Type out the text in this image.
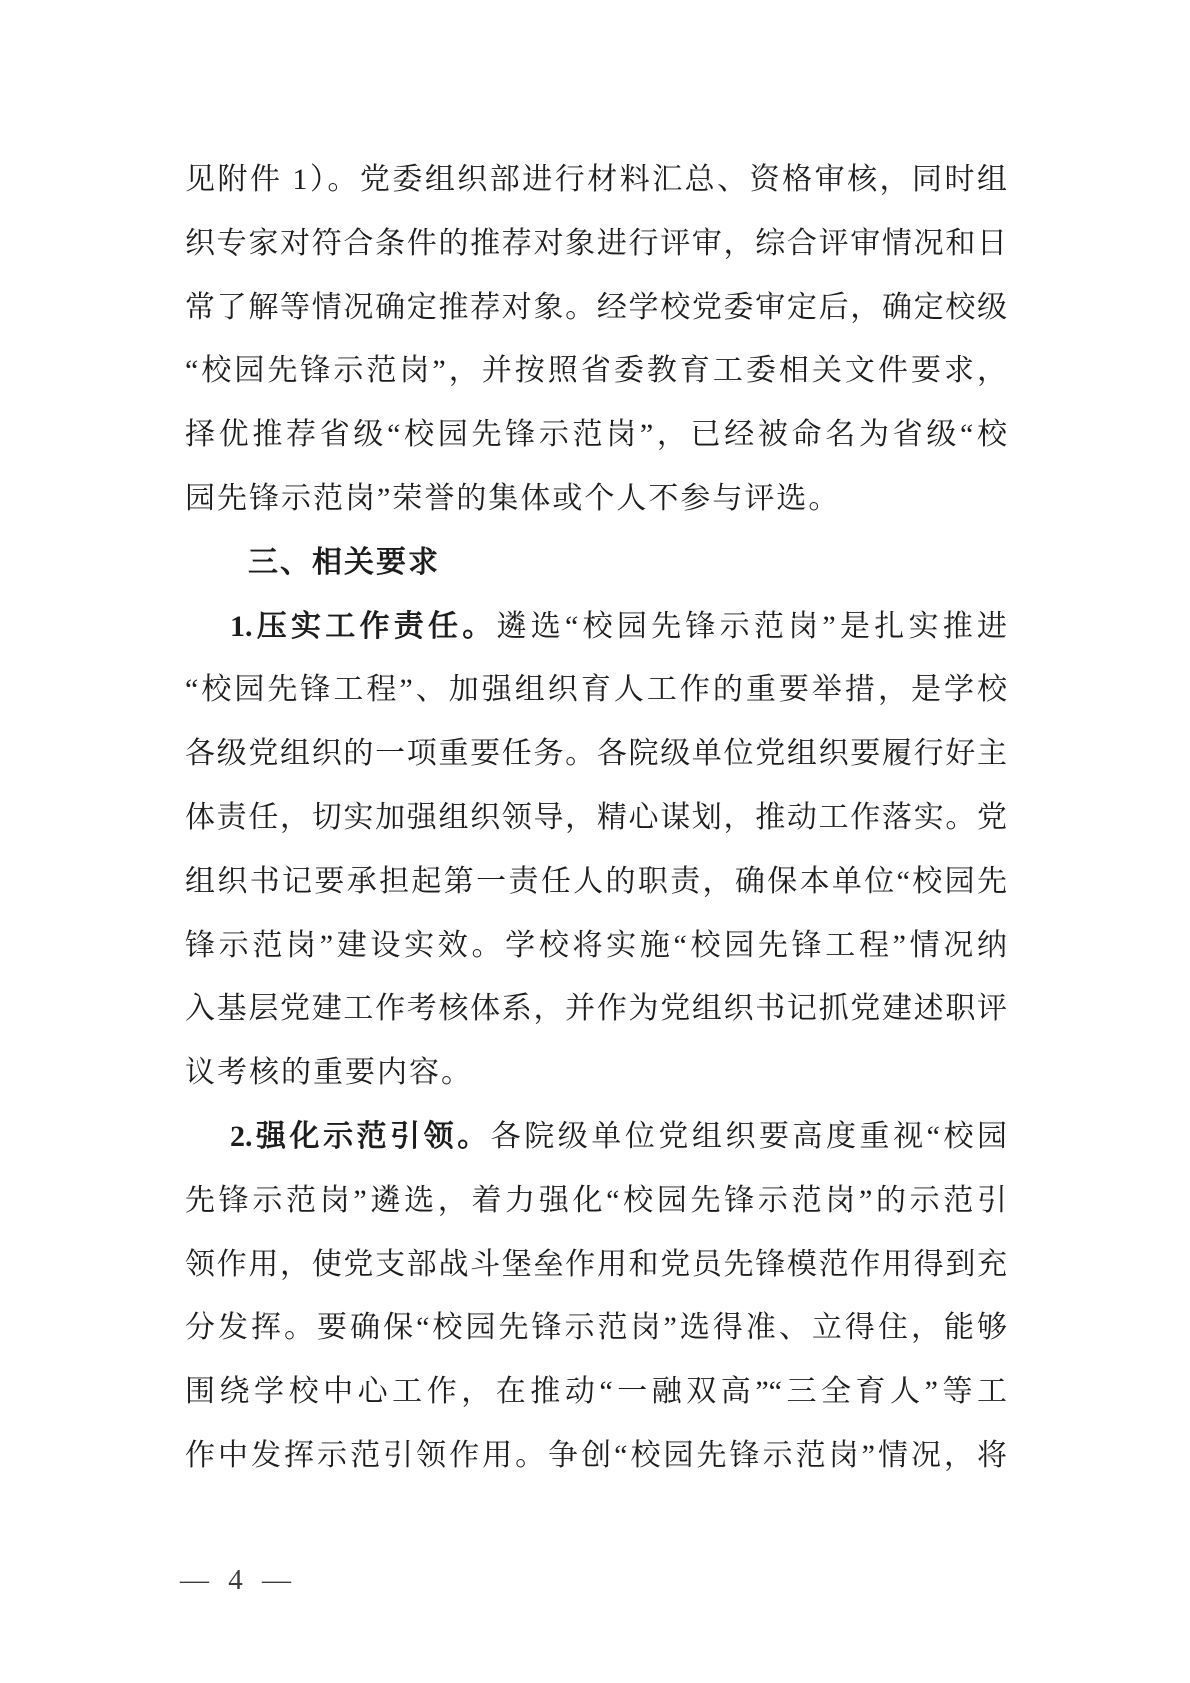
见附件 1）。党委组织部进行材料汇总、资格审核，同时组
织专家对符合条件的推荐对象进行评审，综合评审情况和日
常了解等情况确定推荐对象。经学校党委审定后，确定校级
“校园先锋示范岗”，并按照省委教育工委相关文件要求，
择优推荐省级“校园先锋示范岗”，已经被命名为省级“校
园先锋示范岗”荣誉的集体或个人不参与评选。
三、相关要求
1.压实工作责任。遴选“校园先锋示范岗”是扎实推进
“校园先锋工程”、加强组织育人工作的重要举措，是学校
各级党组织的一项重要任务。各院级单位党组织要履行好主
体责任，切实加强组织领导，精心谋划，推动工作落实。党
组织书记要承担起第一责任人的职责，确保本单位“校园先
锋示范岗”建设实效。学校将实施“校园先锋工程”情况纳
入基层党建工作考核体系，并作为党组织书记抓党建述职评
议考核的重要内容。
2.强化示范引领。各院级单位党组织要高度重视“校园
先锋示范岗”遴选，着力强化“校园先锋示范岗”的示范引
领作用，使党支部战斗堡垒作用和党员先锋模范作用得到充
分发挥。要确保“校园先锋示范岗”选得准、立得住，能够
围绕学校中心工作，在推动“一融双高”“三全育人”等工
作中发挥示范引领作用。争创“校园先锋示范岗”情况，将
— 4 —
